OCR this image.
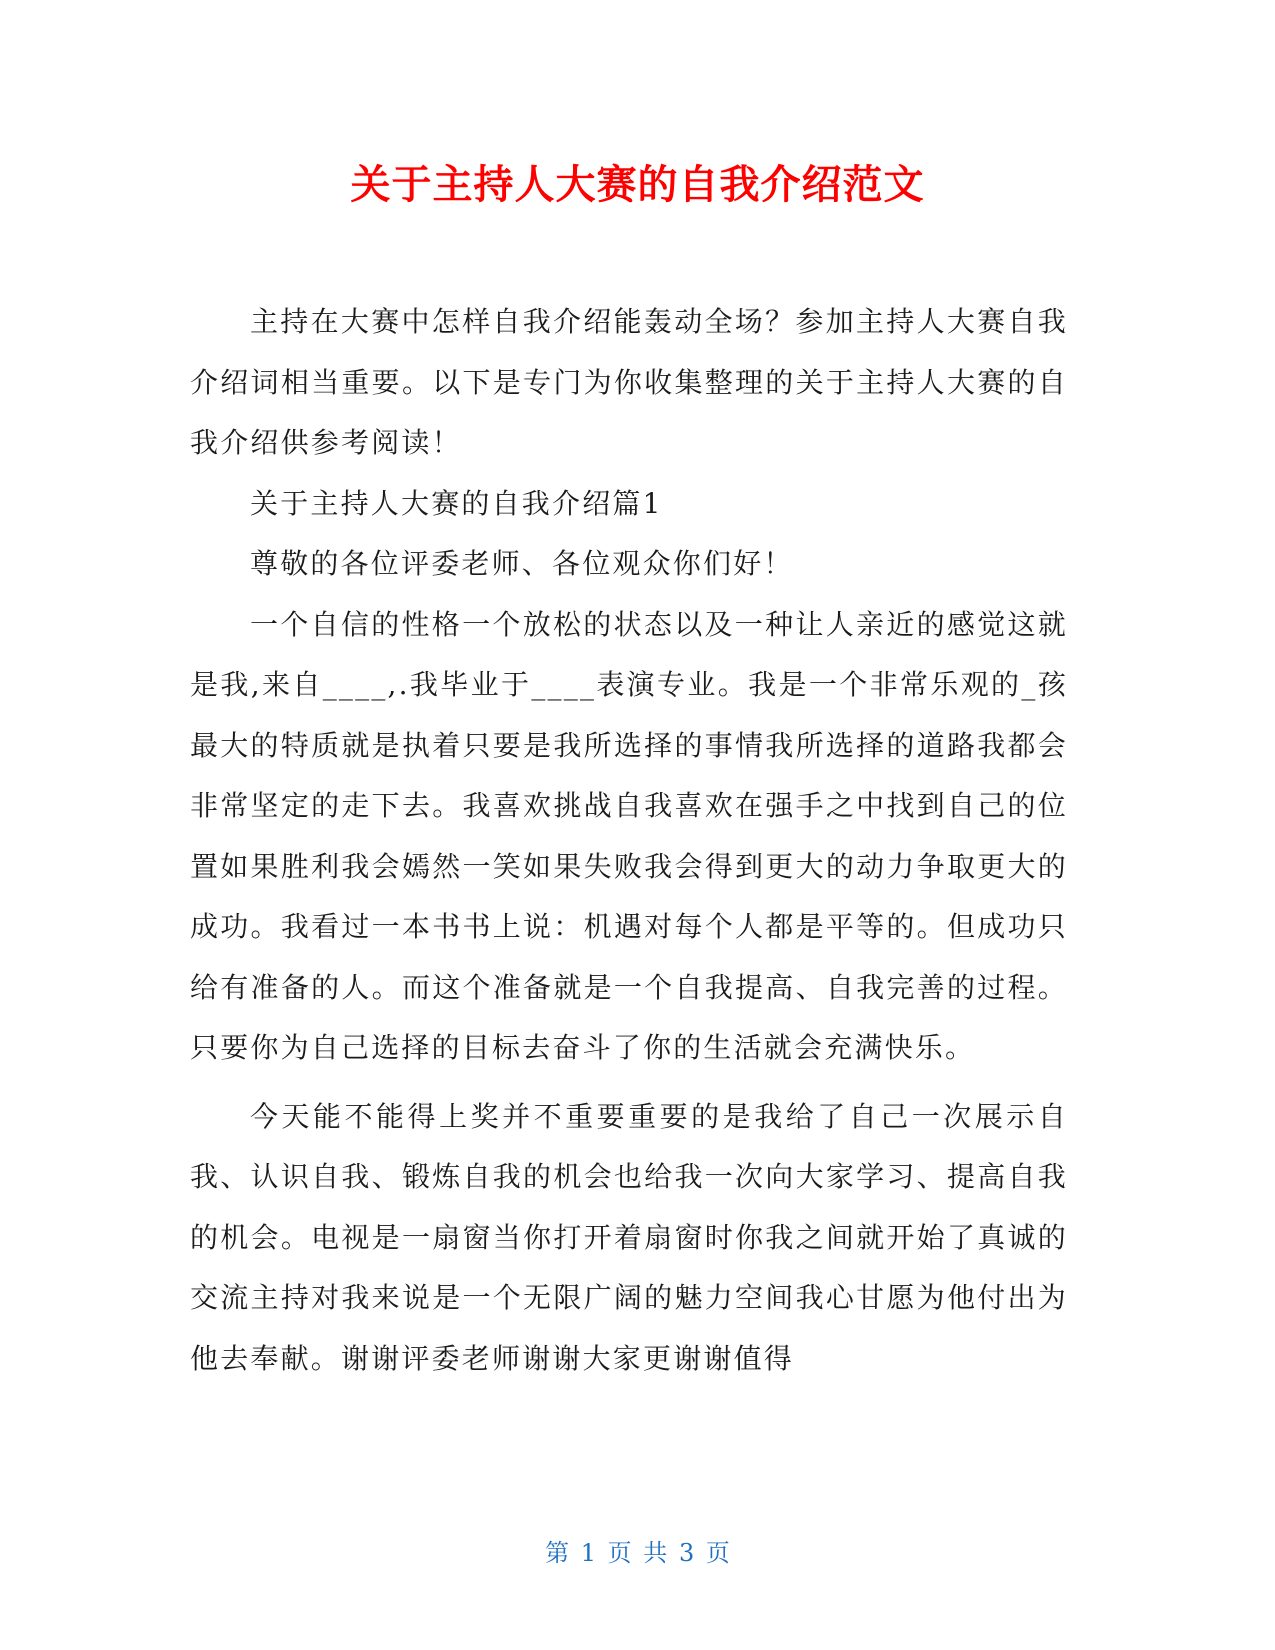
关于主持人大赛的自我介绍范文

主持在大赛中怎样自我介绍能轰动全场？参加主持人大赛自我介绍词相当重要。以下是专门为你收集整理的关于主持人大赛的自我介绍供参考阅读！

关于主持人大赛的自我介绍篇1

尊敬的各位评委老师、各位观众你们好！

一个自信的性格一个放松的状态以及一种让人亲近的感觉这就是我,来自____,.我毕业于____表演专业。我是一个非常乐观的_孩最大的特质就是执着只要是我所选择的事情我所选择的道路我都会非常坚定的走下去。我喜欢挑战自我喜欢在强手之中找到自己的位置如果胜利我会嫣然一笑如果失败我会得到更大的动力争取更大的成功。我看过一本书书上说：机遇对每个人都是平等的。但成功只给有准备的人。而这个准备就是一个自我提高、自我完善的过程。只要你为自己选择的目标去奋斗了你的生活就会充满快乐。

今天能不能得上奖并不重要重要的是我给了自己一次展示自我、认识自我、锻炼自我的机会也给我一次向大家学习、提高自我的机会。电视是一扇窗当你打开着扇窗时你我之间就开始了真诚的交流主持对我来说是一个无限广阔的魅力空间我心甘愿为他付出为他去奉献。谢谢评委老师谢谢大家更谢谢值得

第 1 页 共 3 页
